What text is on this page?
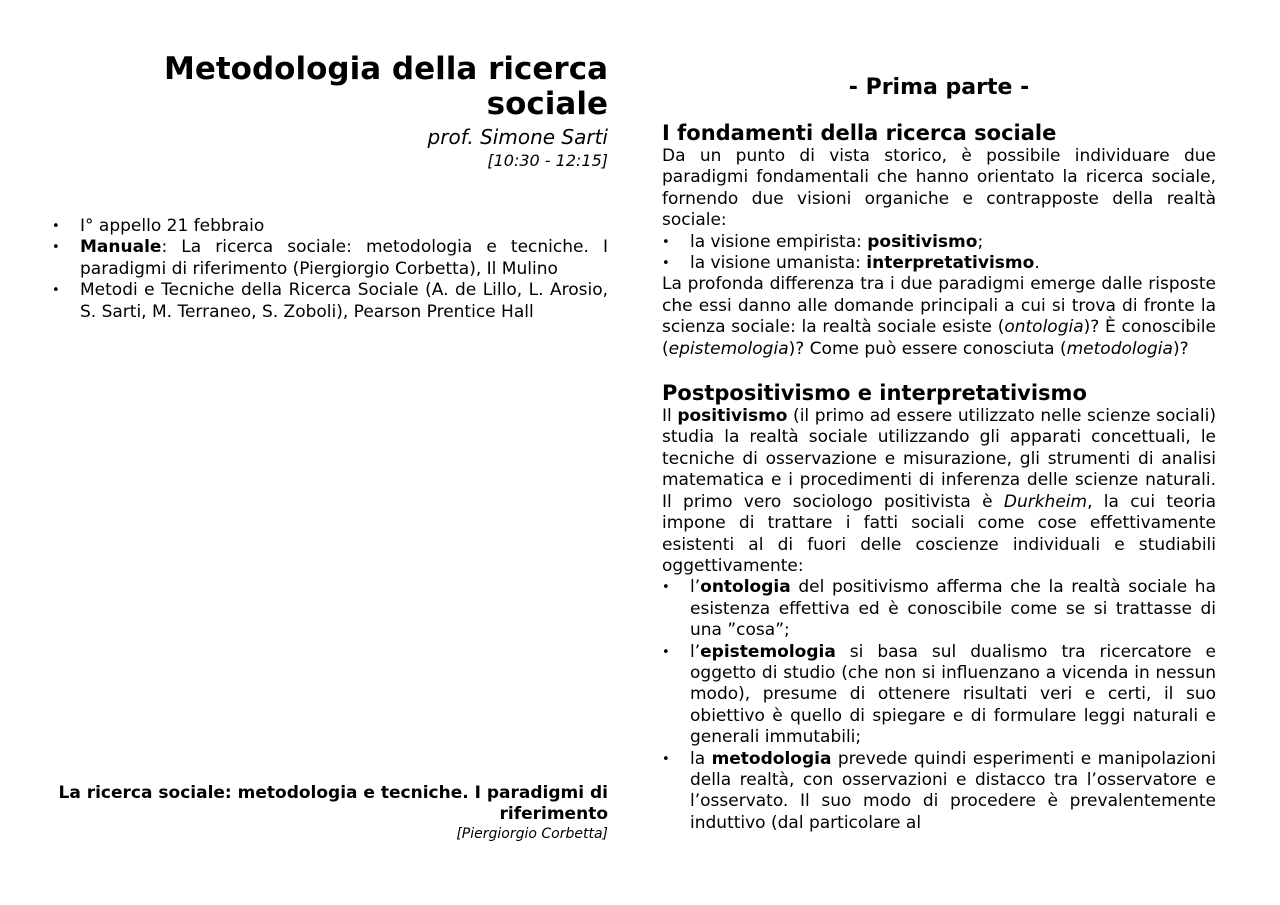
Metodologia della ricerca sociale
prof. Simone Sarti
[10:30 - 12:15]
• I° appello 21 febbraio
• Manuale: La ricerca sociale: metodologia e tecniche. I paradigmi di riferimento (Piergiorgio Corbetta), Il Mulino
• Metodi e Tecniche della Ricerca Sociale (A. de Lillo, L. Arosio, S. Sarti, M. Terraneo, S. Zoboli), Pearson Prentice Hall
La ricerca sociale: metodologia e tecniche. I paradigmi di riferimento
[Piergiorgio Corbetta]
- Prima parte -
I fondamenti della ricerca sociale

Da un punto di vista storico, è possibile individuare due paradigmi fondamentali che hanno orientato la ricerca sociale, fornendo due visioni organiche e contrapposte della realtà sociale:

• la visione empirista: positivismo;
• la visione umanista: interpretativismo.

La profonda differenza tra i due paradigmi emerge dalle risposte che essi danno alle domande principali a cui si trova di fronte la scienza sociale: la realtà sociale esiste (ontologia)? È conoscibile (epistemologia)? Come può essere conosciuta (metodologia)?

Postpositivismo e interpretativismo

Il positivismo (il primo ad essere utilizzato nelle scienze sociali) studia la realtà sociale utilizzando gli apparati concettuali, le tecniche di osservazione e misurazione, gli strumenti di analisi matematica e i procedimenti di inferenza delle scienze naturali. Il primo vero sociologo positivista è Durkheim, la cui teoria impone di trattare i fatti sociali come cose effettivamente esistenti al di fuori delle coscienze individuali e studiabili oggettivamente:

• l’ontologia del positivismo afferma che la realtà sociale ha esistenza effettiva ed è conoscibile come se si trattasse di una ”cosa”;
• l’epistemologia si basa sul dualismo tra ricercatore e oggetto di studio (che non si influenzano a vicenda in nessun modo), presume di ottenere risultati veri e certi, il suo obiettivo è quello di spiegare e di formulare leggi naturali e generali immutabili;
• la metodologia prevede quindi esperimenti e manipolazioni della realtà, con osservazioni e distacco tra l’osservatore e l’osservato. Il suo modo di procedere è prevalentemente induttivo (dal particolare al
